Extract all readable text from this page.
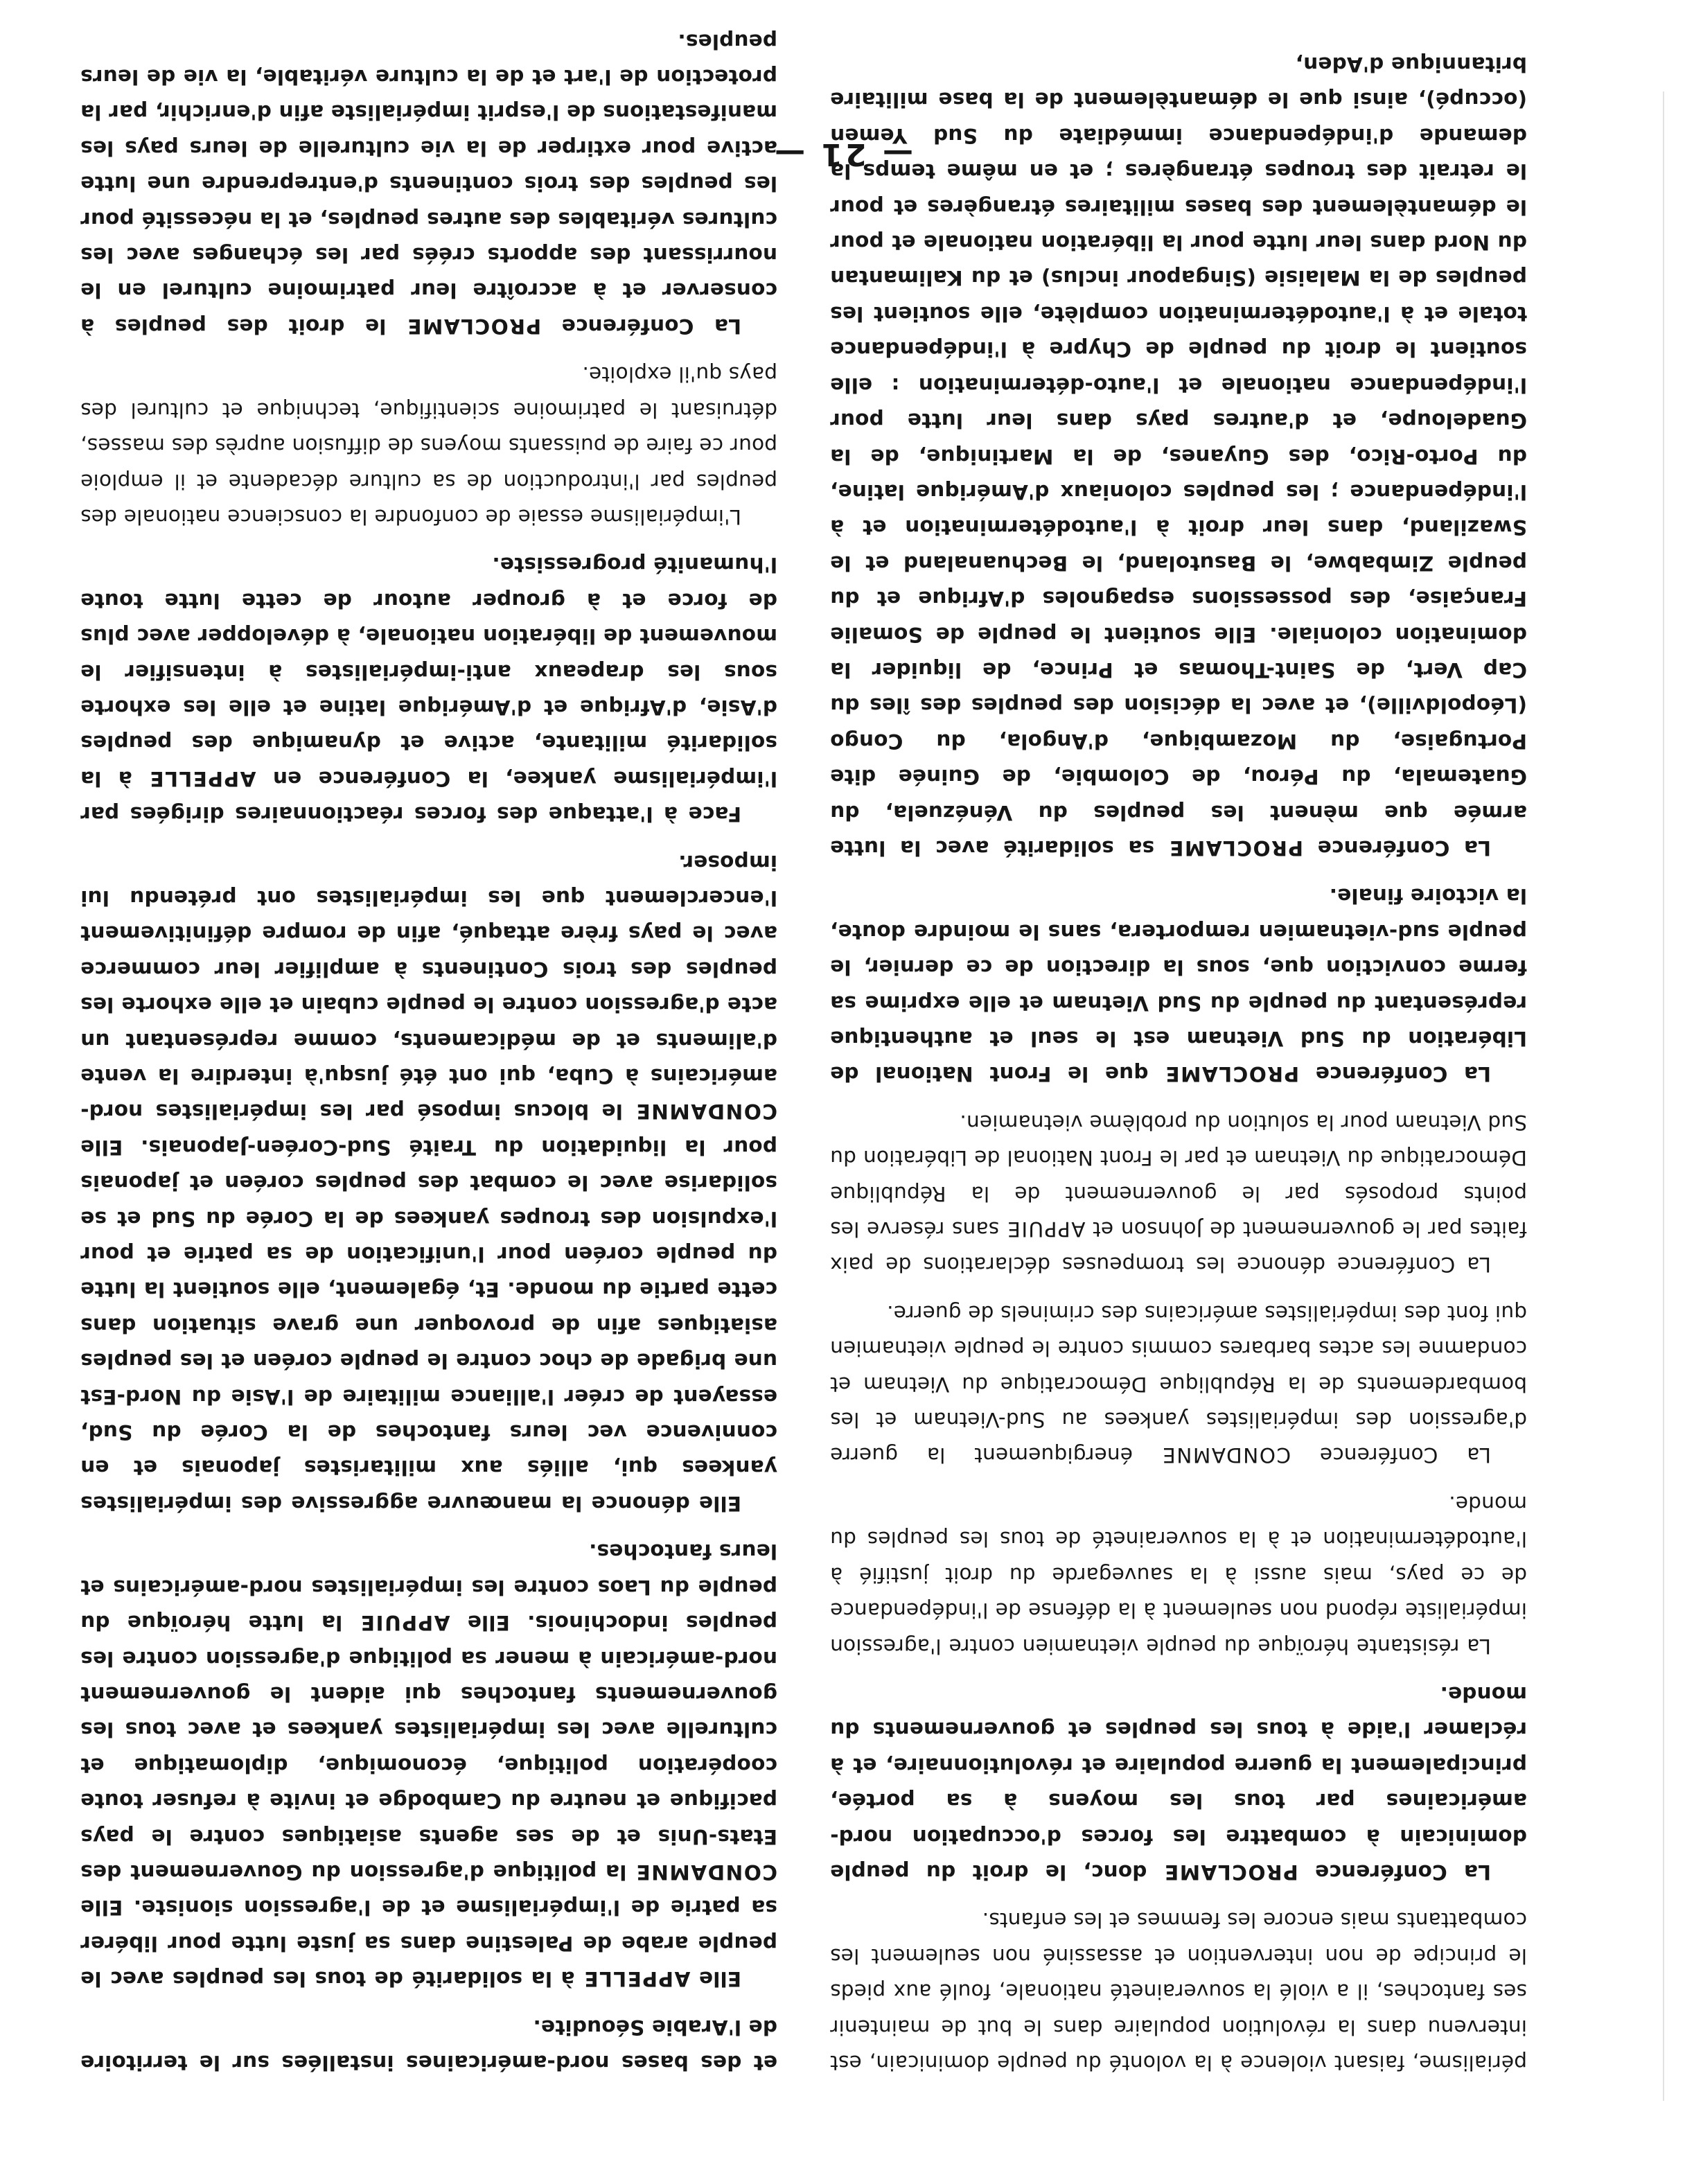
périalisme, faisant violence à la volonté du peuple dominicain, est intervenu dans la révolution populaire dans le but de maintenir ses fantoches, il a violé la souveraineté nationale, foulé aux pieds le principe de non intervention et assassiné non seulement les combattants mais encore les femmes et les enfants.

La Conférence PROCLAME donc, le droit du peuple dominicain à combattre les forces d'occupation nord-américaines par tous les moyens à sa portée, principalement la guerre populaire et révolutionnaire, et à réclamer l'aide à tous les peuples et gouvernements du monde.

La résistante héroïque du peuple vietnamien contre l'agression impérialiste répond non seulement à la défense de l'indépendance de ce pays, mais aussi à la sauvegarde du droit justifié à l'autodétermination et à la souveraineté de tous les peuples du monde.

La Conférence CONDAMNE énergiquement la guerre d'agression des impérialistes yankees au Sud-Vietnam et les bombardements de la République Démocratique du Vietnam et condamne les actes barbares commis contre le peuple vietnamien qui font des impérialistes américains des criminels de guerre.

La Conférence dénonce les trompeuses déclarations de paix faites par le gouvernement de Johnson et APPUIE sans réserve les points proposés par le gouvernement de la République Démocratique du Vietnam et par le Front National de Libération du Sud Vietnam pour la solution du problème vietnamien.

La Conférence PROCLAME que le Front National de Libération du Sud Vietnam est le seul et authentique représentant du peuple du Sud Vietnam et elle exprime sa ferme conviction que, sous la direction de ce dernier, le peuple sud-vietnamien remportera, sans le moindre doute, la victoire finale.

La Conférence PROCLAME sa solidarité avec la lutte armée que mènent les peuples du Vénézuela, du Guatemala, du Pérou, de Colombie, de Guinée dite Portugaise, du Mozambique, d'Angola, du Congo (Léopoldville), et avec la décision des peuples des îles du Cap Vert, de Saint-Thomas et Prince, de liquider la domination coloniale. Elle soutient le peuple de Somalie Française, des possessions espagnoles d'Afrique et du peuple Zimbabwe, le Basutoland, le Bechuanaland et le Swaziland, dans leur droit à l'autodétermination et à l'indépendance ; les peuples coloniaux d'Amérique latine, du Porto-Rico, des Guyanes, de la Martinique, de la Guadeloupe, et d'autres pays dans leur lutte pour l'indépendance nationale et l'auto-détermination : elle soutient le droit du peuple de Chypre à l'indépendance totale et à l'autodétermination complète, elle soutient les peuples de la Malaisie (Singapour inclus) et du Kalimantan du Nord dans leur lutte pour la libération nationale et pour le démantèlement des bases militaires étrangères et pour le retrait des troupes étrangères ; et en même temps la demande d'indépendance immédiate du Sud Yemen (occupé), ainsi que le démantèlement de la base militaire britannique d'Aden,

et des bases nord-américaines installées sur le territoire de l'Arabie Séoudite.

Elle APPELLE à la solidarité de tous les peuples avec le peuple arabe de Palestine dans sa juste lutte pour libérer sa patrie de l'impérialisme et de l'agression sioniste. Elle CONDAMNE la politique d'agression du Gouvernement des Etats-Unis et de ses agents asiatiques contre le pays pacifique et neutre du Cambodge et invite à refuser toute coopération politique, économique, diplomatique et culturelle avec les impérialistes yankees et avec tous les gouvernements fantoches qui aident le gouvernement nord-américain à mener sa politique d'agression contre les peuples indochinois. Elle APPUIE la lutte héroïque du peuple du Laos contre les impérialistes nord-américains et leurs fantoches.

Elle dénonce la manœuvre aggressive des impérialistes yankees qui, alliés aux militaristes japonais et en connivence vec leurs fantoches de la Corée du Sud, essayent de créer l'alliance militaire de l'Asie du Nord-Est une brigade de choc contre le peuple coréen et les peuples asiatiques afin de provoquer une grave situation dans cette partie du monde. Et, également, elle soutient la lutte du peuple coréen pour l'unification de sa patrie et pour l'expulsion des troupes yankees de la Corée du Sud et se solidarise avec le combat des peuples coréen et japonais pour la liquidation du Traité Sud-Coréen-Japonais. Elle CONDAMNE le blocus imposé par les impérialistes nord-américains à Cuba, qui ont été jusqu'à interdire la vente d'aliments et de médicaments, comme représentant un acte d'agression contre le peuple cubain et elle exhorte les peuples des trois Continents à amplifier leur commerce avec le pays frère attaqué, afin de rompre définitivement l'encerclement que les impérialistes ont prétendu lui imposer.

Face à l'attaque des forces réactionnaires dirigées par l'impérialisme yankee, la Conférence en APPELLE à la solidarité militante, active et dynamique des peuples d'Asie, d'Afrique et d'Amérique latine et elle les exhorte sous les drapeaux anti-impérialistes à intensifier le mouvement de libération nationale, à développer avec plus de force et à grouper autour de cette lutte toute l'humanité progressiste.

L'impérialisme essaie de confondre la conscience nationale des peuples par l'introduction de sa culture décadente et il emploie pour ce faire de puissants moyens de diffusion auprès des masses, détruisant le patrimoine scientifique, technique et culturel des pays qu'il exploite.

La Conférence PROCLAME le droit des peuples à conserver et à accroître leur patrimoine culturel en le nourrissant des apports créés par les échanges avec les cultures véritables des autres peuples, et la nécessité pour les peuples des trois continents d'entreprendre une lutte active pour extirper de la vie culturelle de leurs pays les manifestations de l'esprit impérialiste afin d'enrichir, par la protection de l'art et de la culture véritable, la vie de leurs peuples.

— 21 —
